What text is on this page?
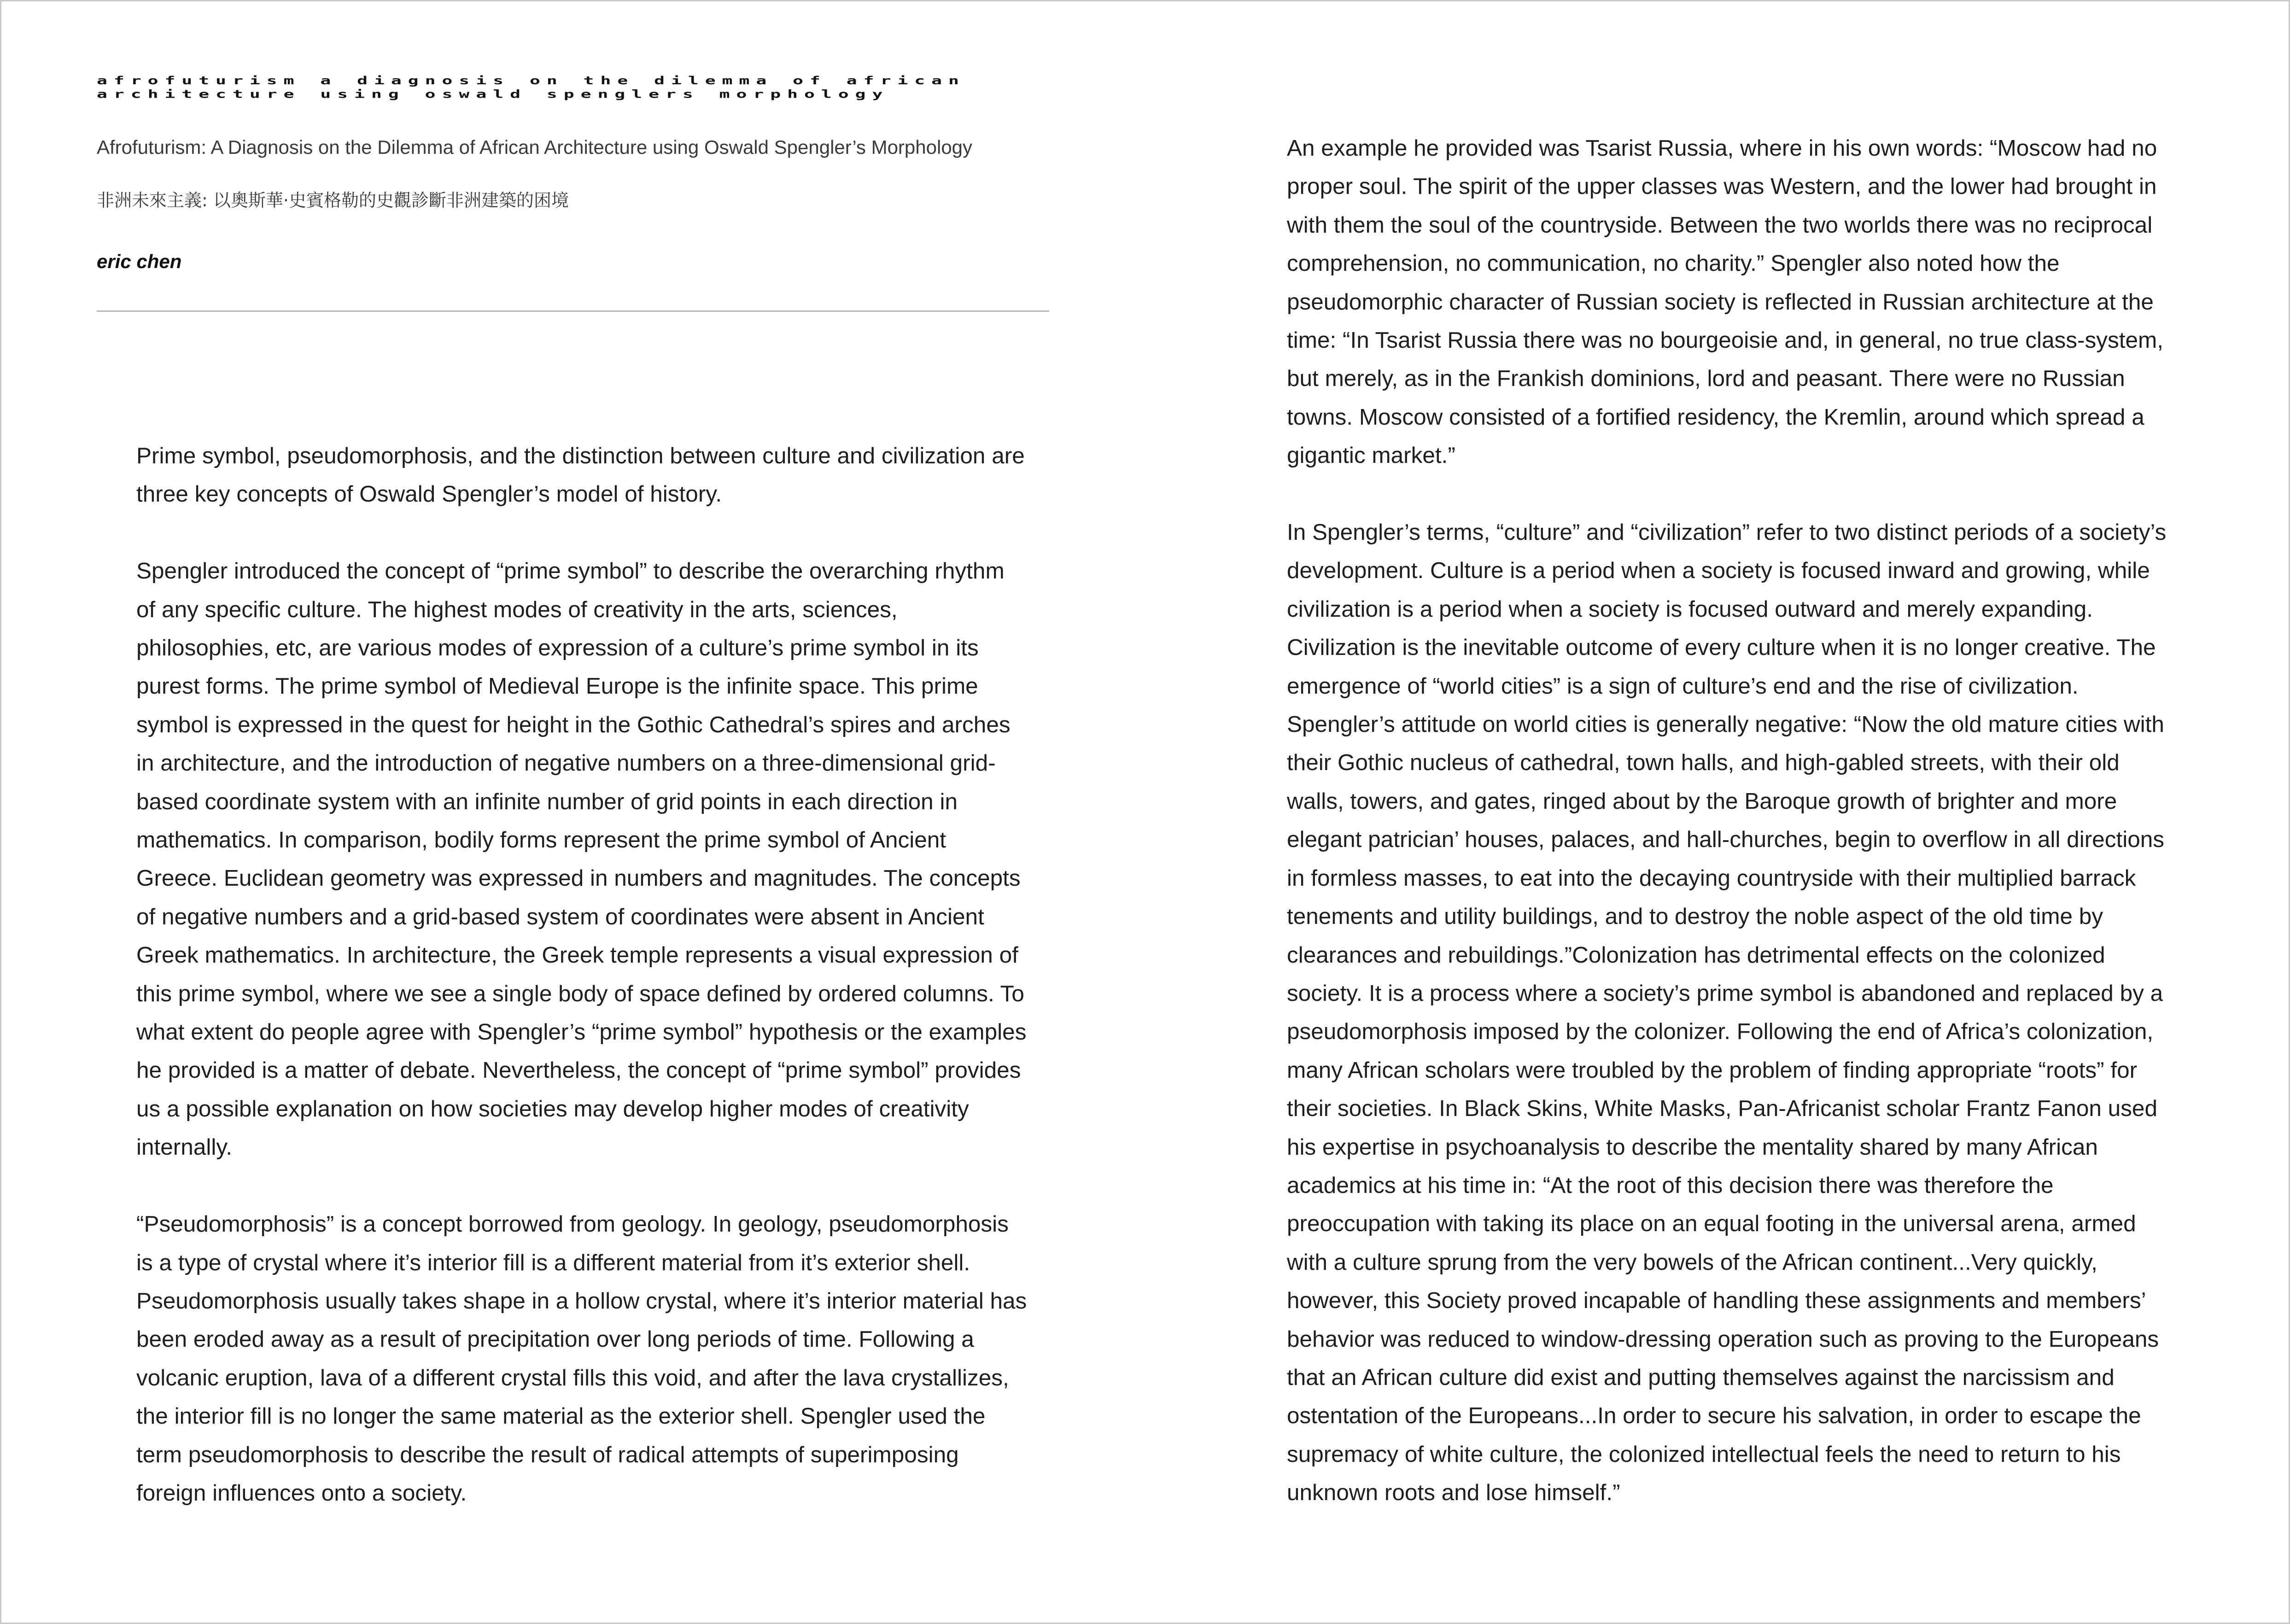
afrofuturism a diagnosis on the dilemma of african architecture using oswald spenglers morphology

Afrofuturism: A Diagnosis on the Dilemma of African Architecture using Oswald Spengler’s Morphology

非洲未來主義: 以奧斯華·史賓格勒的史觀診斷非洲建築的困境

eric chen

Prime symbol, pseudomorphosis, and the distinction between culture and civilization are three key concepts of Oswald Spengler’s model of history.

Spengler introduced the concept of “prime symbol” to describe the overarching rhythm of any specific culture. The highest modes of creativity in the arts, sciences, philosophies, etc, are various modes of expression of a culture’s prime symbol in its purest forms. The prime symbol of Medieval Europe is the infinite space. This prime symbol is expressed in the quest for height in the Gothic Cathedral’s spires and arches in architecture, and the introduction of negative numbers on a three-dimensional grid-based coordinate system with an infinite number of grid points in each direction in mathematics. In comparison, bodily forms represent the prime symbol of Ancient Greece. Euclidean geometry was expressed in numbers and magnitudes. The concepts of negative numbers and a grid-based system of coordinates were absent in Ancient Greek mathematics. In architecture, the Greek temple represents a visual expression of this prime symbol, where we see a single body of space defined by ordered columns. To what extent do people agree with Spengler’s “prime symbol” hypothesis or the examples he provided is a matter of debate. Nevertheless, the concept of “prime symbol” provides us a possible explanation on how societies may develop higher modes of creativity internally.

“Pseudomorphosis” is a concept borrowed from geology. In geology, pseudomorphosis is a type of crystal where it’s interior fill is a different material from it’s exterior shell. Pseudomorphosis usually takes shape in a hollow crystal, where it’s interior material has been eroded away as a result of precipitation over long periods of time. Following a volcanic eruption, lava of a different crystal fills this void, and after the lava crystallizes, the interior fill is no longer the same material as the exterior shell. Spengler used the term pseudomorphosis to describe the result of radical attempts of superimposing foreign influences onto a society.

An example he provided was Tsarist Russia, where in his own words: “Moscow had no proper soul. The spirit of the upper classes was Western, and the lower had brought in with them the soul of the countryside. Between the two worlds there was no reciprocal comprehension, no communication, no charity.” Spengler also noted how the pseudomorphic character of Russian society is reflected in Russian architecture at the time: “In Tsarist Russia there was no bourgeoisie and, in general, no true class-system, but merely, as in the Frankish dominions, lord and peasant. There were no Russian towns. Moscow consisted of a fortified residency, the Kremlin, around which spread a gigantic market.”

In Spengler’s terms, “culture” and “civilization” refer to two distinct periods of a society’s development. Culture is a period when a society is focused inward and growing, while civilization is a period when a society is focused outward and merely expanding. Civilization is the inevitable outcome of every culture when it is no longer creative. The emergence of “world cities” is a sign of culture’s end and the rise of civilization. Spengler’s attitude on world cities is generally negative: “Now the old mature cities with their Gothic nucleus of cathedral, town halls, and high-gabled streets, with their old walls, towers, and gates, ringed about by the Baroque growth of brighter and more elegant patrician’ houses, palaces, and hall-churches, begin to overflow in all directions in formless masses, to eat into the decaying countryside with their multiplied barrack tenements and utility buildings, and to destroy the noble aspect of the old time by clearances and rebuildings.”Colonization has detrimental effects on the colonized society. It is a process where a society’s prime symbol is abandoned and replaced by a pseudomorphosis imposed by the colonizer. Following the end of Africa’s colonization, many African scholars were troubled by the problem of finding appropriate “roots” for their societies. In Black Skins, White Masks, Pan-Africanist scholar Frantz Fanon used his expertise in psychoanalysis to describe the mentality shared by many African academics at his time in: “At the root of this decision there was therefore the preoccupation with taking its place on an equal footing in the universal arena, armed with a culture sprung from the very bowels of the African continent...Very quickly, however, this Society proved incapable of handling these assignments and members’ behavior was reduced to window-dressing operation such as proving to the Europeans that an African culture did exist and putting themselves against the narcissism and ostentation of the Europeans...In order to secure his salvation, in order to escape the supremacy of white culture, the colonized intellectual feels the need to return to his unknown roots and lose himself.”
